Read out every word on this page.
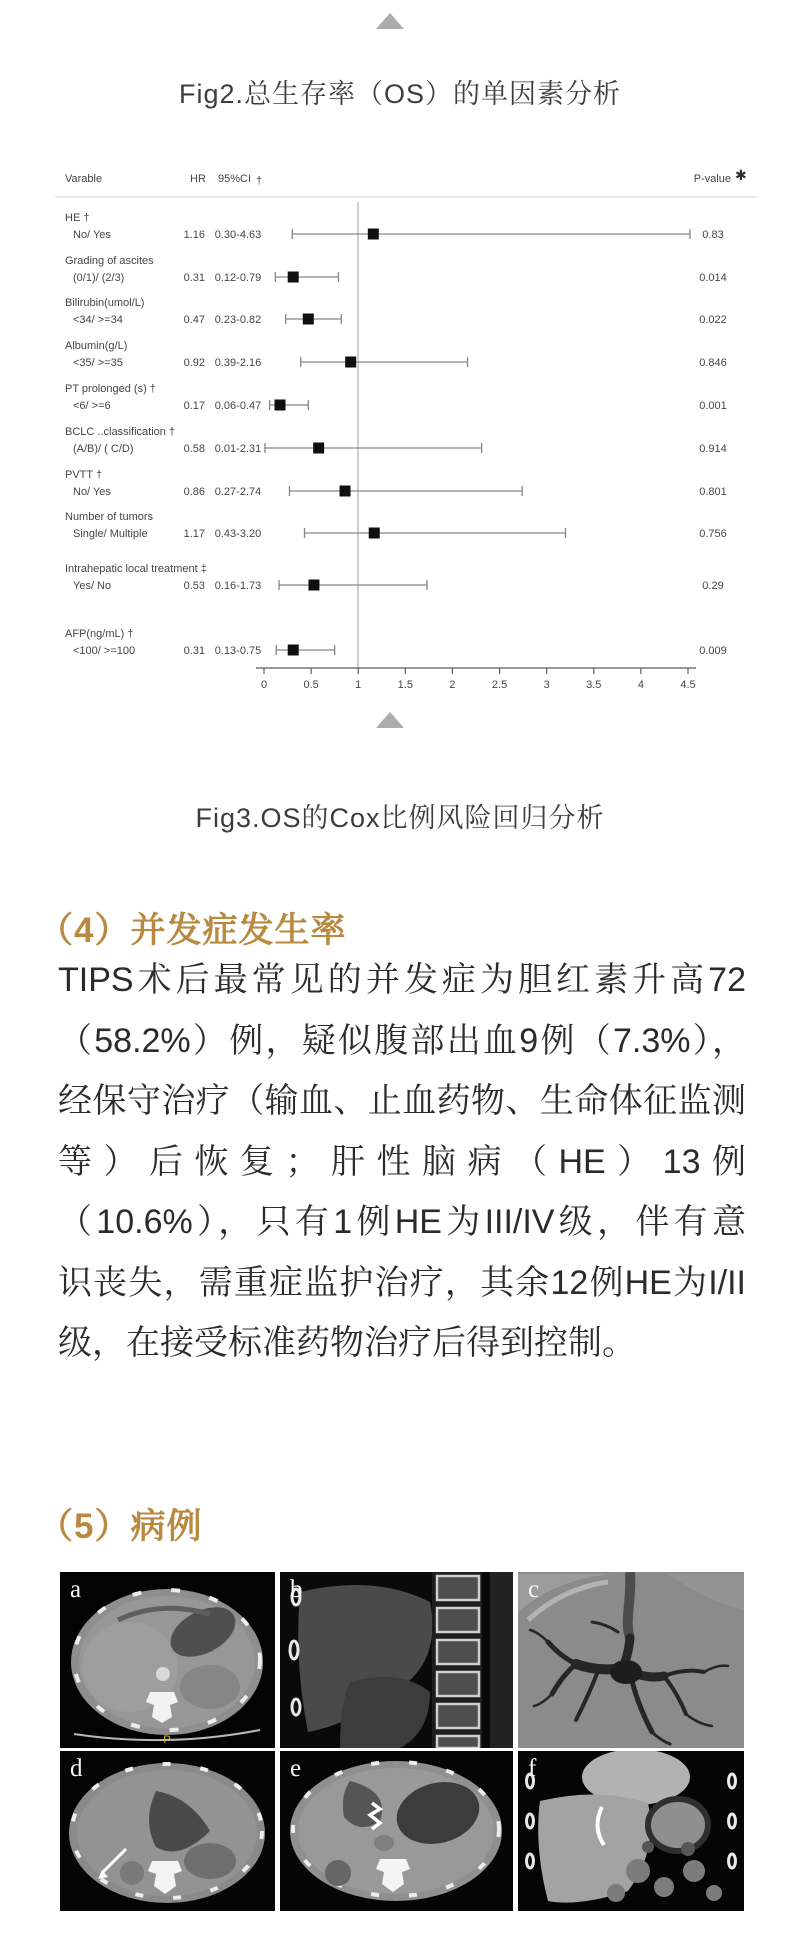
Fig2.总生存率（OS）的单因素分析
Varable	HR 95%CI †	P-value ✱
HE †
No/ Yes	1.16 0.30-4.63	0.83
Grading of ascites
(0/1)/ (2/3)	0.31 0.12-0.79	0.014
Bilirubin(umol/L)
<34/ >=34	0.47 0.23-0.82	0.022
Albumin(g/L)
<35/ >=35	0.92 0.39-2.16	0.846
PT prolonged (s) †
<6/ >=6	0.17 0.06-0.47	0.001
BCLC ..classification †
(A/B)/ ( C/D)	0.58 0.01-2.31	0.914
PVTT †
No/ Yes	0.86 0.27-2.74	0.801
Number of tumors
Single/ Multiple	1.17 0.43-3.20	0.756
Intrahepatic local treatment ‡
Yes/ No	0.53 0.16-1.73	0.29
AFP(ng/mL) †
<100/ >=100	0.31 0.13-0.75	0.009
0	0.5	1	1.5	2	2.5	3	3.5	4	4.5
Fig3.OS的Cox比例风险回归分析
（4）并发症发生率
TIPS术后最常见的并发症为胆红素升高72
（58.2%）例，疑似腹部出血9例（7.3%），
经保守治疗（输血、止血药物、生命体征监测
等）后恢复；肝性脑病（HE）13例
（10.6%），只有1例HE为III/IV级，伴有意
识丧失，需重症监护治疗，其余12例HE为I/II
级，在接受标准药物治疗后得到控制。
（5）病例
a
P
b	c
d	e	f
